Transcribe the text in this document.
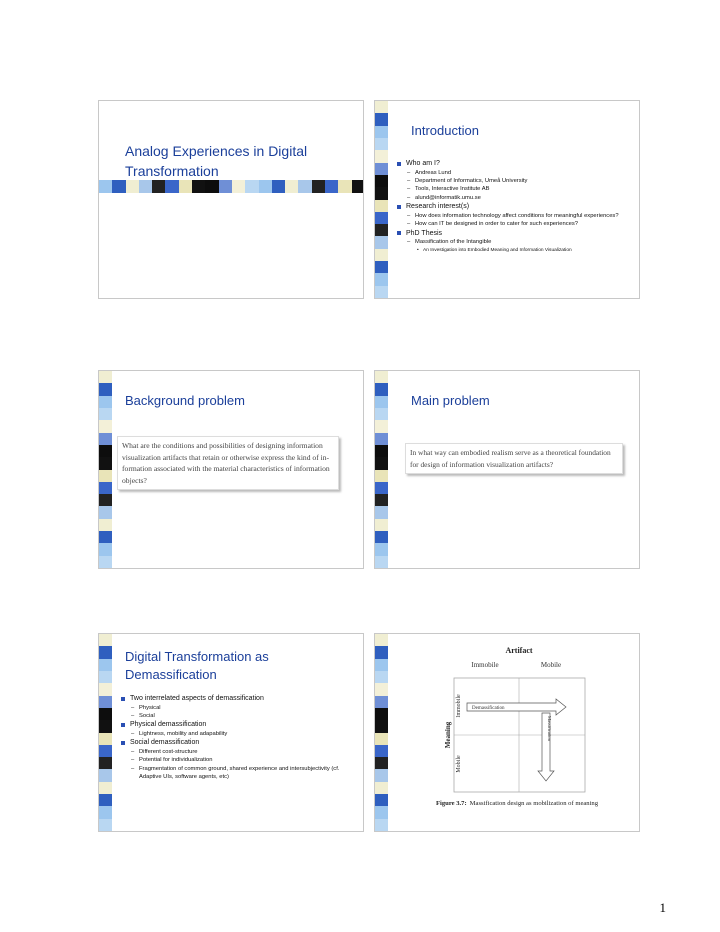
Analog Experiences in Digital Transformation
Introduction
Who am I?
– Andreas Lund
– Department of Informatics, Umeå University
– Tools, Interactive Institute AB
– alund@informatik.umu.se
Research interest(s)
– How does information technology affect conditions for meaningful experiences?
– How can IT be designed in order to cater for such experiences?
PhD Thesis
– Massification of the Intangible
• An Investigation into Embodied Meaning and Information Visualization
Background problem
What are the conditions and possibilities of designing information visualization artifacts that retain or otherwise express the kind of in-formation associated with the material characteristics of information objects?
Main problem
In what way can embodied realism serve as a theoretical foundation for design of information visualization artifacts?
Digital Transformation as Demassification
Two interrelated aspects of demassification
– Physical
– Social
Physical demassification
– Lightness, mobility and adapability
Social demassification
– Different cost-structure
– Potential for individualization
– Fragmentation of common ground, shared experience and intersubjectivity (cf. Adaptive UIs, software agents, etc)
Artifact
Immobile	Mobile
Meaning
Immobile
Mobile
Demassification
Massification
Figure 3.7: Massification design as mobilization of meaning
1
